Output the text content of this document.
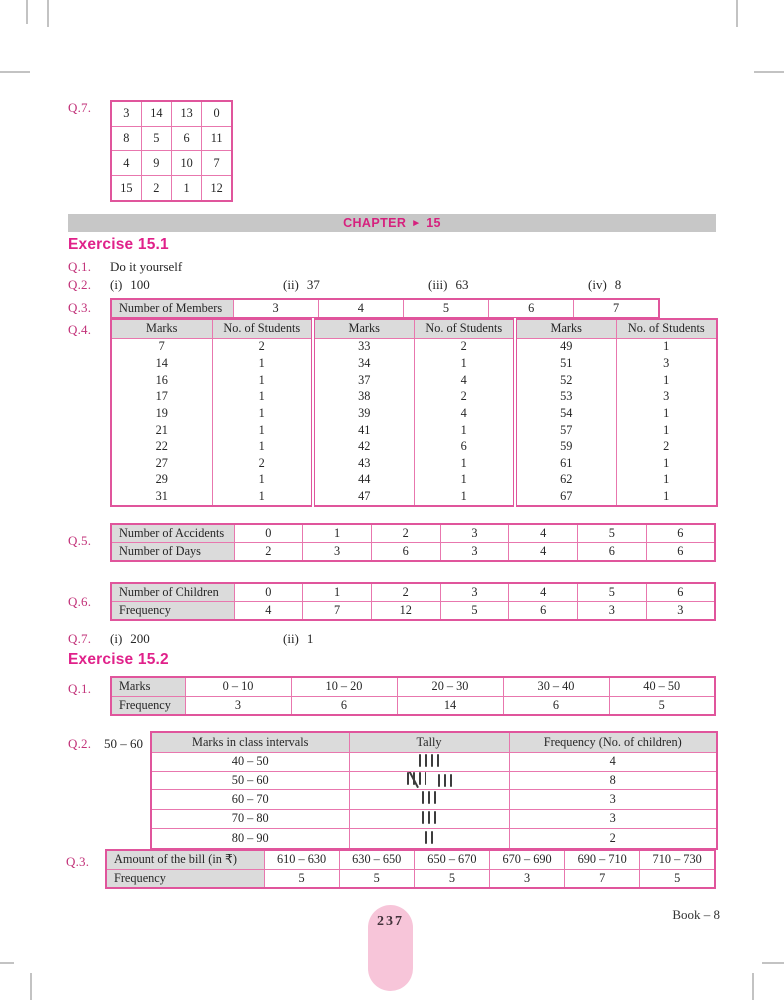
Q.7.	3	14	13	0
8	5	6	11
4	9	10	7
15	2	1	12
CHAPTER ► 15
Exercise 15.1
Q.1. Do it yourself
Q.2. (i) 100	(ii) 37	(iii) 63	(iv) 8
Q.3. Number of Members	3	4	5	6	7
Q.4.	Marks	No. of Students	Marks	No. of Students	Marks	No. of Students
7	2	33	2	49	1
14	1	34	1	51	3
16	1	37	4	52	1
17	1	38	2	53	3
19	1	39	4	54	1
21	1	41	1	57	1
22	1	42	6	59	2
27	2	43	1	61	1
29	1	44	1	62	1
31	1	47	1	67	1
Q.5. Number of Accidents	0	1	2	3	4	5	6
Number of Days	2	3	6	3	4	6	6
Q.6.
Number of Children	0	1	2	3	4	5	6
Frequency	4	7	12	5	6	3	3
Q.7. (i) 200	(ii) 1
Exercise 15.2
Q.1. Marks	0 – 10	10 – 20	20 – 30	30 – 40	40 – 50
Frequency	3	6	14	6	5
Q.2. 50 – 60	Marks in class intervals	Tally	Frequency (No. of children)
40 – 50		4
50 – 60		8
60 – 70		3
70 – 80		3
80 – 90		2
Q.3. Amount of the bill (in ₹)	610 – 630	630 – 650	650 – 670	670 – 690	690 – 710	710 – 730
Frequency	5	5	5	3	7	5
237	Book – 8
